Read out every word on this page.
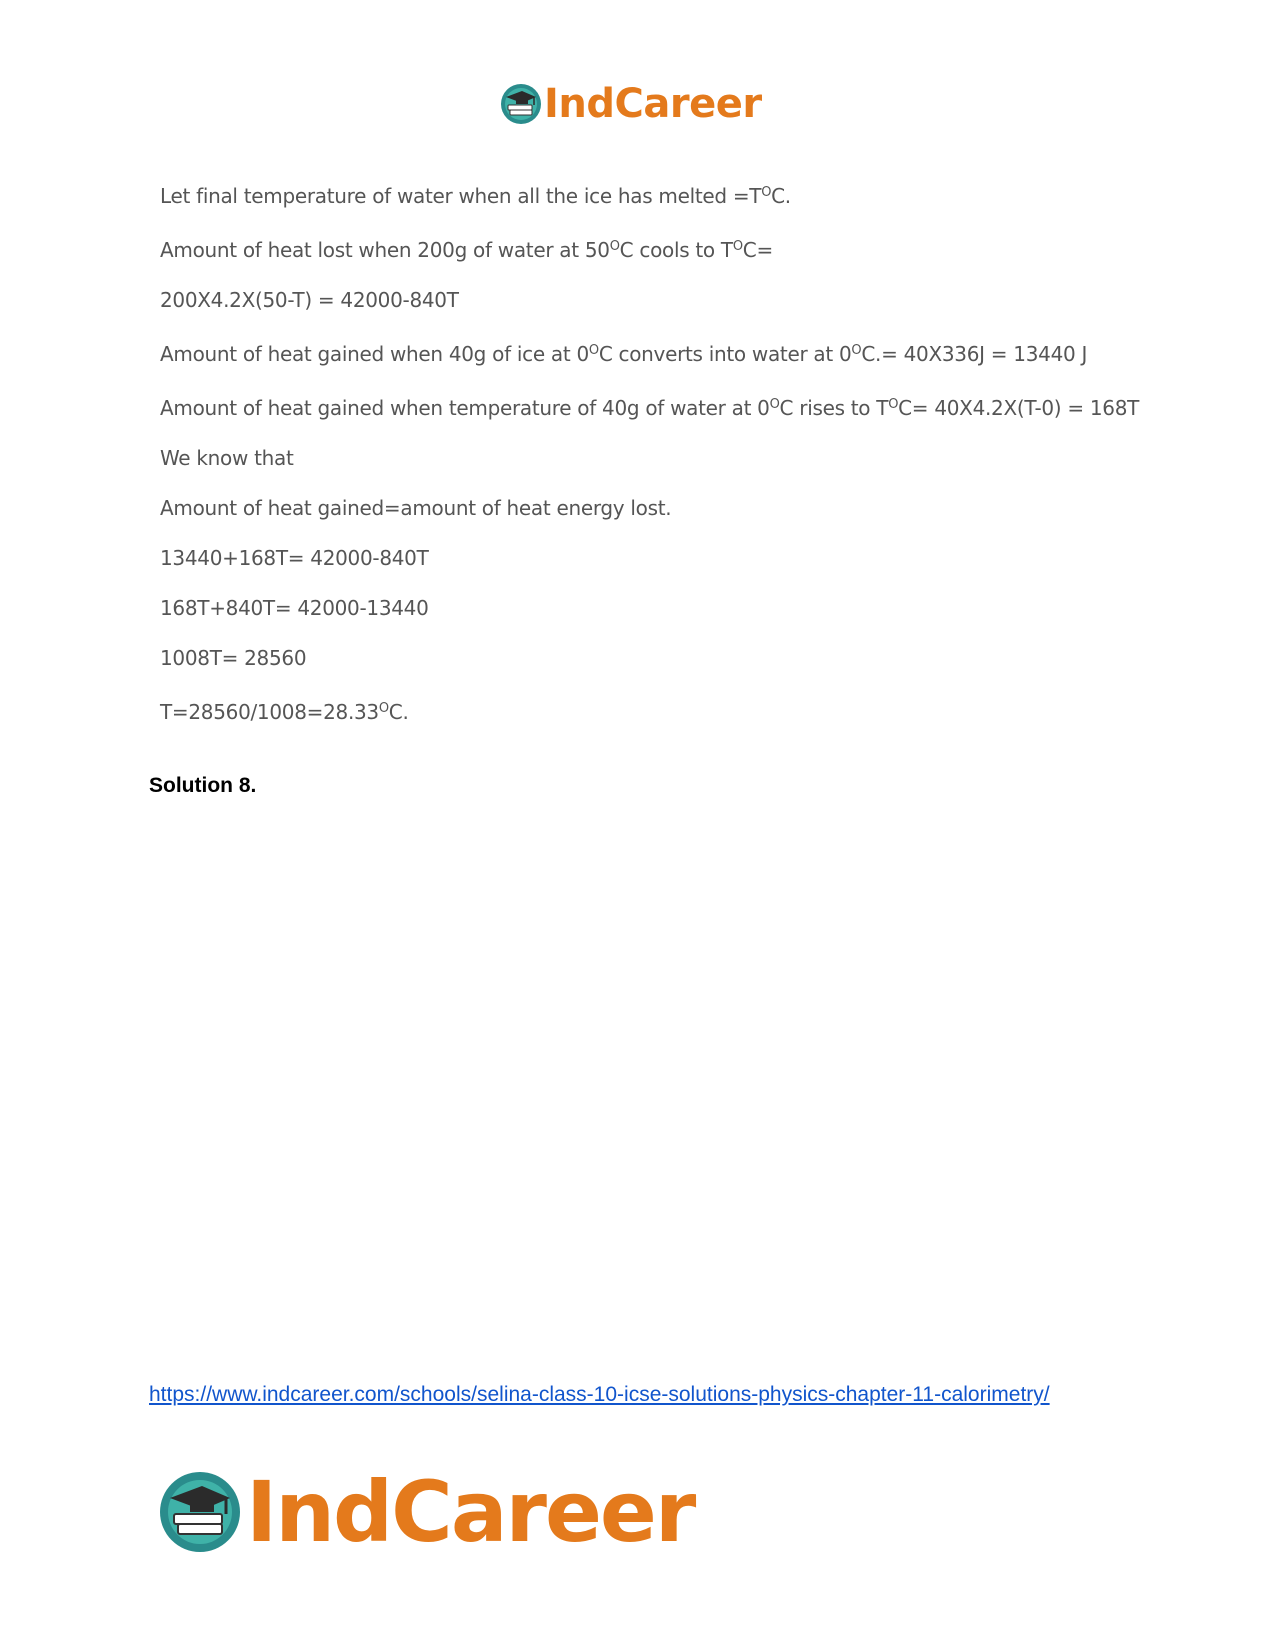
IndCareer
Let final temperature of water when all the ice has melted $=T^OC$.
Amount of heat lost when 200g of water at $50^OC$ cools to $T^OC=$
200X4.2X(50-T) = 42000-840T
Amount of heat gained when 40g of ice at $0^OC$ converts into water at $0^OC.= 40X336J = 13440$ J
Amount of heat gained when temperature of 40g of water at $0^OC$ rises to $T^OC= 40X4.2X(T-0) = 168T$
We know that
Amount of heat gained=amount of heat energy lost.
13440+168T= 42000-840T
168T+840T= 42000-13440
1008T= 28560
$T=28560/1008=28.33^OC$.
Solution 8.
https://www.indcareer.com/schools/selina-class-10-icse-solutions-physics-chapter-11-calorimetry/
IndCareer
